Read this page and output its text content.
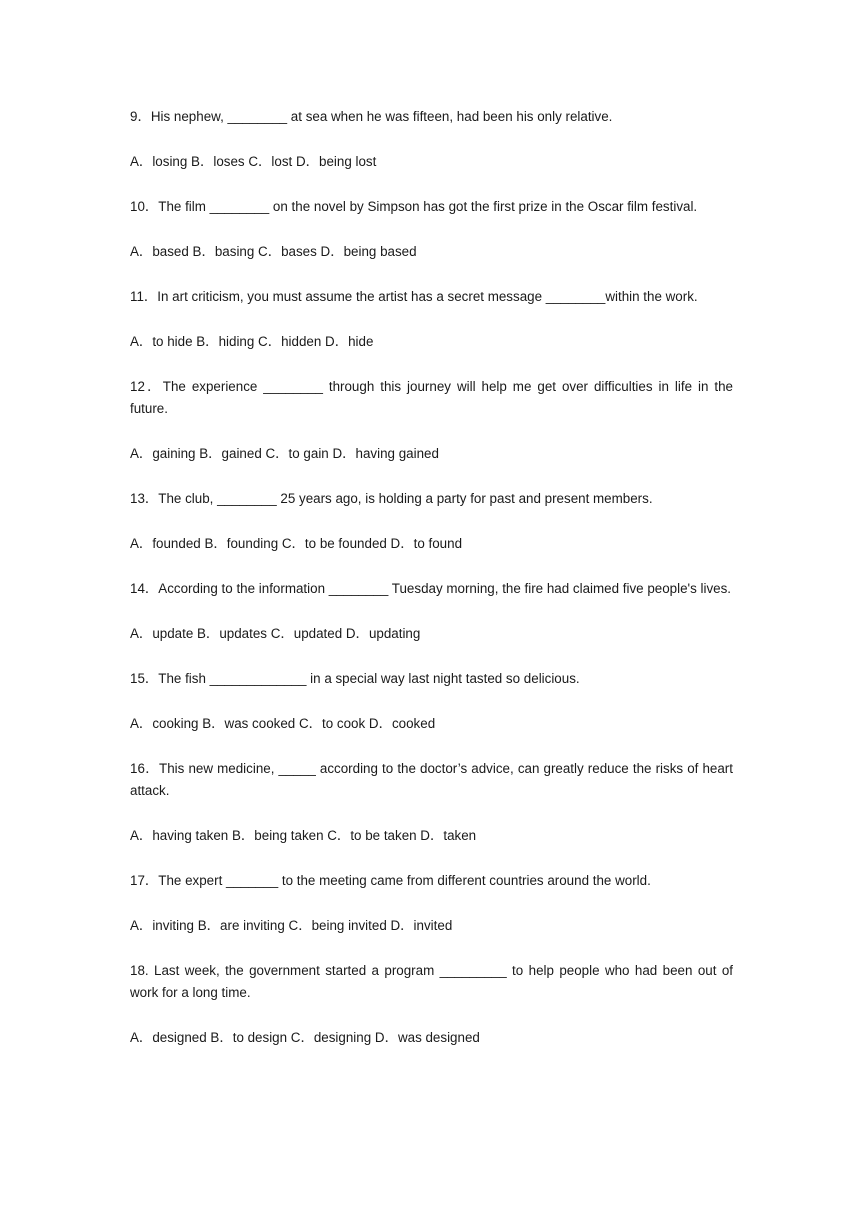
9．His nephew, ________ at sea when he was fifteen, had been his only relative.

A．losing B．loses C．lost D．being lost

10．The film ________ on the novel by Simpson has got the first prize in the Oscar film festival.

A．based B．basing C．bases D．being based

11．In art criticism, you must assume the artist has a secret message ________within the work.

A．to hide B．hiding C．hidden D．hide

12．The experience ________ through this journey will help me get over difficulties in life in the future.

A．gaining B．gained C．to gain D．having gained

13．The club, ________ 25 years ago, is holding a party for past and present members.

A．founded B．founding C．to be founded D．to found

14．According to the information ________ Tuesday morning, the fire had claimed five people's lives.

A．update B．updates C．updated D．updating

15．The fish _____________ in a special way last night tasted so delicious.

A．cooking B．was cooked C．to cook D．cooked

16．This new medicine, _____ according to the doctor’s advice, can greatly reduce the risks of heart attack.

A．having taken B．being taken C．to be taken D．taken

17．The expert _______ to the meeting came from different countries around the world.

A．inviting B．are inviting C．being invited D．invited

18. Last week, the government started a program _________ to help people who had been out of work for a long time.

A．designed B．to design C．designing D．was designed
